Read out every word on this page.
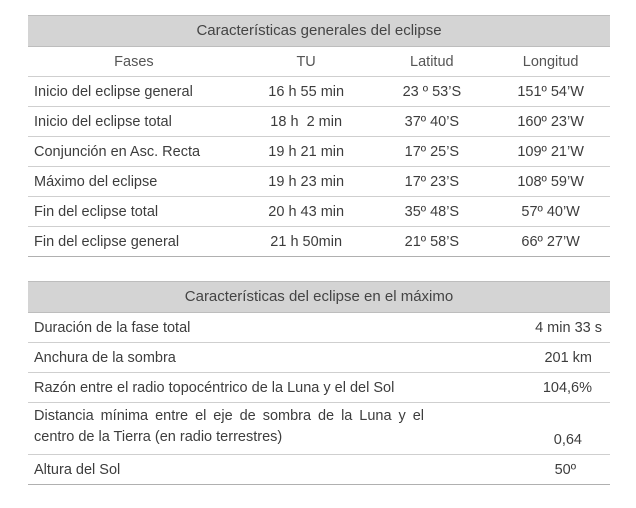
Características generales del eclipse
Fases	TU	Latitud	Longitud
Inicio del eclipse general	16 h 55 min	23 º 53’S	151º 54’W
Inicio del eclipse total	18 h  2 min	37º 40’S	160º 23’W
Conjunción en Asc. Recta	19 h 21 min	17º 25’S	109º 21’W
Máximo del eclipse	19 h 23 min	17º 23’S	108º 59’W
Fin del eclipse total	20 h 43 min	35º 48’S	57º 40’W
Fin del eclipse general	21 h 50min	21º 58’S	66º 27’W
Características del eclipse en el máximo
Duración de la fase total	4 min 33 s
Anchura de la sombra	201 km
Razón entre el radio topocéntrico de la Luna y el del Sol	104,6%
Distancia mínima entre el eje de sombra de la Luna y el centro de la Tierra (en radio terrestres)	0,64
Altura del Sol	50º
